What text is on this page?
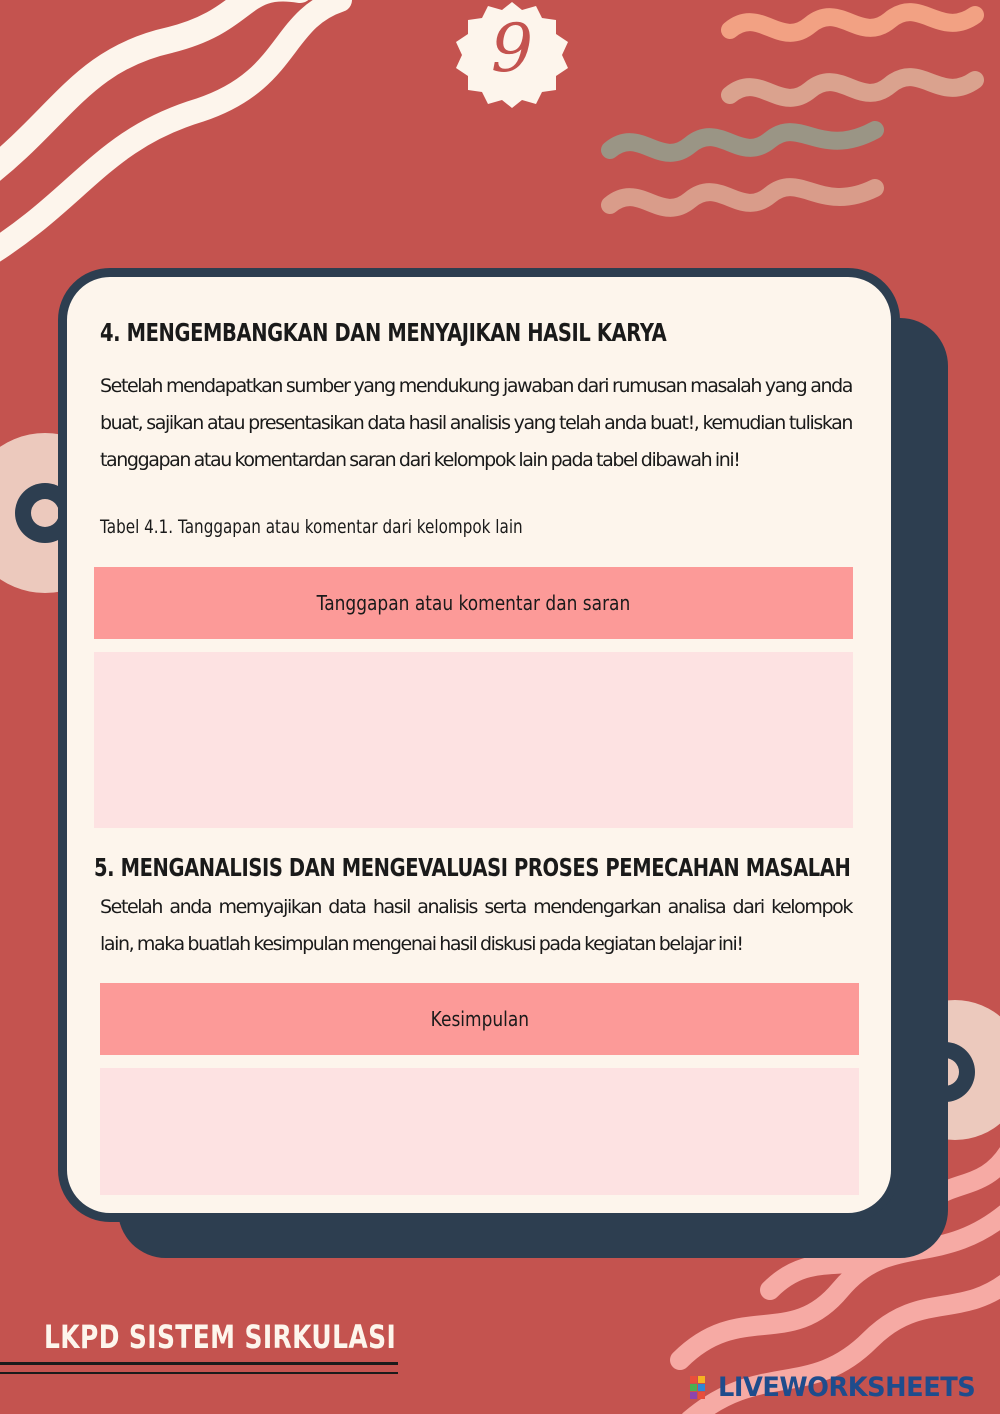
9
4. MENGEMBANGKAN DAN MENYAJIKAN HASIL KARYA
Setelah mendapatkan sumber yang mendukung jawaban dari rumusan masalah yang anda buat, sajikan atau presentasikan data hasil analisis yang telah anda buat!, kemudian tuliskan tanggapan atau komentardan saran dari kelompok lain pada tabel dibawah ini!
Tabel 4.1. Tanggapan atau komentar dari kelompok lain
Tanggapan atau komentar dan saran
5. MENGANALISIS DAN MENGEVALUASI PROSES PEMECAHAN MASALAH
Setelah anda memyajikan data hasil analisis serta mendengarkan analisa dari kelompok lain, maka buatlah kesimpulan mengenai hasil diskusi pada kegiatan belajar ini!
Kesimpulan
LKPD SISTEM SIRKULASI
LIVEWORKSHEETS
